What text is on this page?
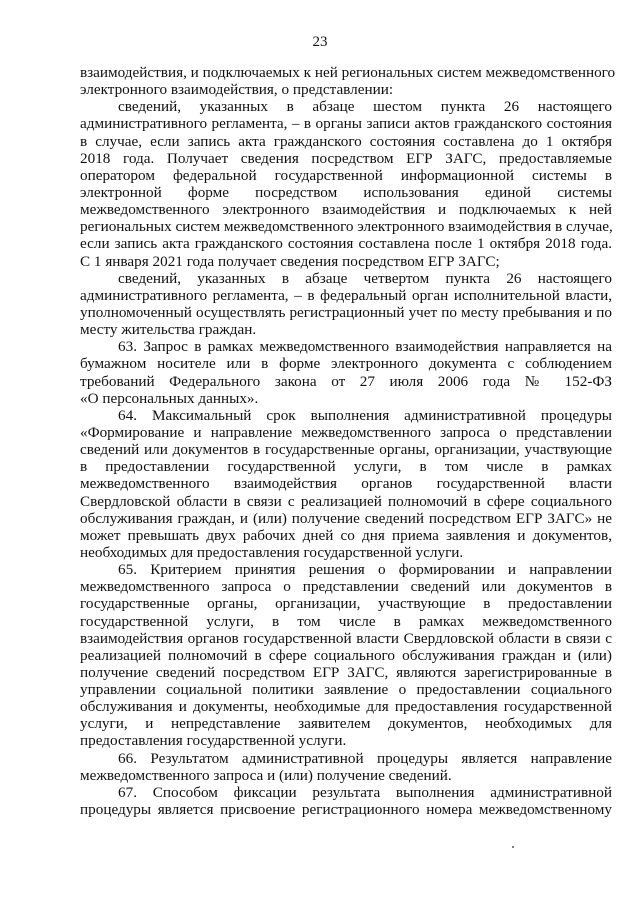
23
взаимодействия, и подключаемых к ней региональных систем межведомственного
электронного взаимодействия, о представлении:
сведений, указанных в абзаце шестом пункта 26 настоящего
административного регламента, – в органы записи актов гражданского состояния
в случае, если запись акта гражданского состояния составлена до 1 октября
2018 года. Получает сведения посредством ЕГР ЗАГС, предоставляемые
оператором федеральной государственной информационной системы в
электронной форме посредством использования единой системы
межведомственного электронного взаимодействия и подключаемых к ней
региональных систем межведомственного электронного взаимодействия в случае,
если запись акта гражданского состояния составлена после 1 октября 2018 года.
С 1 января 2021 года получает сведения посредством ЕГР ЗАГС;
сведений, указанных в абзаце четвертом пункта 26 настоящего
административного регламента, – в федеральный орган исполнительной власти,
уполномоченный осуществлять регистрационный учет по месту пребывания и по
месту жительства граждан.
63. Запрос в рамках межведомственного взаимодействия направляется на
бумажном носителе или в форме электронного документа с соблюдением
требований Федерального закона от 27 июля 2006 года № 152-ФЗ
«О персональных данных».
64. Максимальный срок выполнения административной процедуры
«Формирование и направление межведомственного запроса о представлении
сведений или документов в государственные органы, организации, участвующие
в предоставлении государственной услуги, в том числе в рамках
межведомственного взаимодействия органов государственной власти
Свердловской области в связи с реализацией полномочий в сфере социального
обслуживания граждан, и (или) получение сведений посредством ЕГР ЗАГС» не
может превышать двух рабочих дней со дня приема заявления и документов,
необходимых для предоставления государственной услуги.
65. Критерием принятия решения о формировании и направлении
межведомственного запроса о представлении сведений или документов в
государственные органы, организации, участвующие в предоставлении
государственной услуги, в том числе в рамках межведомственного
взаимодействия органов государственной власти Свердловской области в связи с
реализацией полномочий в сфере социального обслуживания граждан и (или)
получение сведений посредством ЕГР ЗАГС, являются зарегистрированные в
управлении социальной политики заявление о предоставлении социального
обслуживания и документы, необходимые для предоставления государственной
услуги, и непредставление заявителем документов, необходимых для
предоставления государственной услуги.
66. Результатом административной процедуры является направление
межведомственного запроса и (или) получение сведений.
67. Способом фиксации результата выполнения административной
процедуры является присвоение регистрационного номера межведомственному
